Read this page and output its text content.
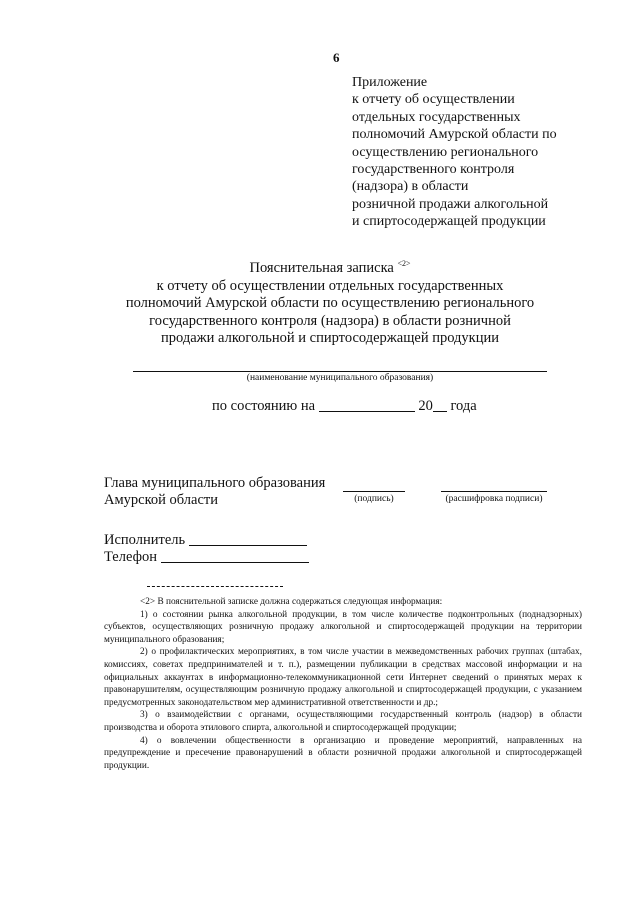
6
Приложение
к отчету об осуществлении
отдельных государственных
полномочий Амурской области по
осуществлению регионального
государственного контроля
(надзора) в области
розничной продажи алкогольной
и спиртосодержащей продукции
Пояснительная записка $^{<2>}$
к отчету об осуществлении отдельных государственных
полномочий Амурской области по осуществлению регионального
государственного контроля (надзора) в области розничной
продажи алкогольной и спиртосодержащей продукции
(наименование муниципального образования)
по состоянию на	20 года
Глава муниципального образования
Амурской области	(подпись)	(расшифровка подписи)
Исполнитель
Телефон

<2> В пояснительной записке должна содержаться следующая информация:

1) о состоянии рынка алкогольной продукции, в том числе количестве подконтрольных (поднадзорных) субъектов, осуществляющих розничную продажу алкогольной и спиртосодержащей продукции на территории муниципального образования;

2) о профилактических мероприятиях, в том числе участии в межведомственных рабочих группах (штабах, комиссиях, советах предпринимателей и т. п.), размещении публикации в средствах массовой информации и на официальных аккаунтах в информационно-телекоммуникационной сети Интернет сведений о принятых мерах к правонарушителям, осуществляющим розничную продажу алкогольной и спиртосодержащей продукции, с указанием предусмотренных законодательством мер административной ответственности и др.;

3) о взаимодействии с органами, осуществляющими государственный контроль (надзор) в области производства и оборота этилового спирта, алкогольной и спиртосодержащей продукции;

4) о вовлечении общественности в организацию и проведение мероприятий, направленных на предупреждение и пресечение правонарушений в области розничной продажи алкогольной и спиртосодержащей продукции.
